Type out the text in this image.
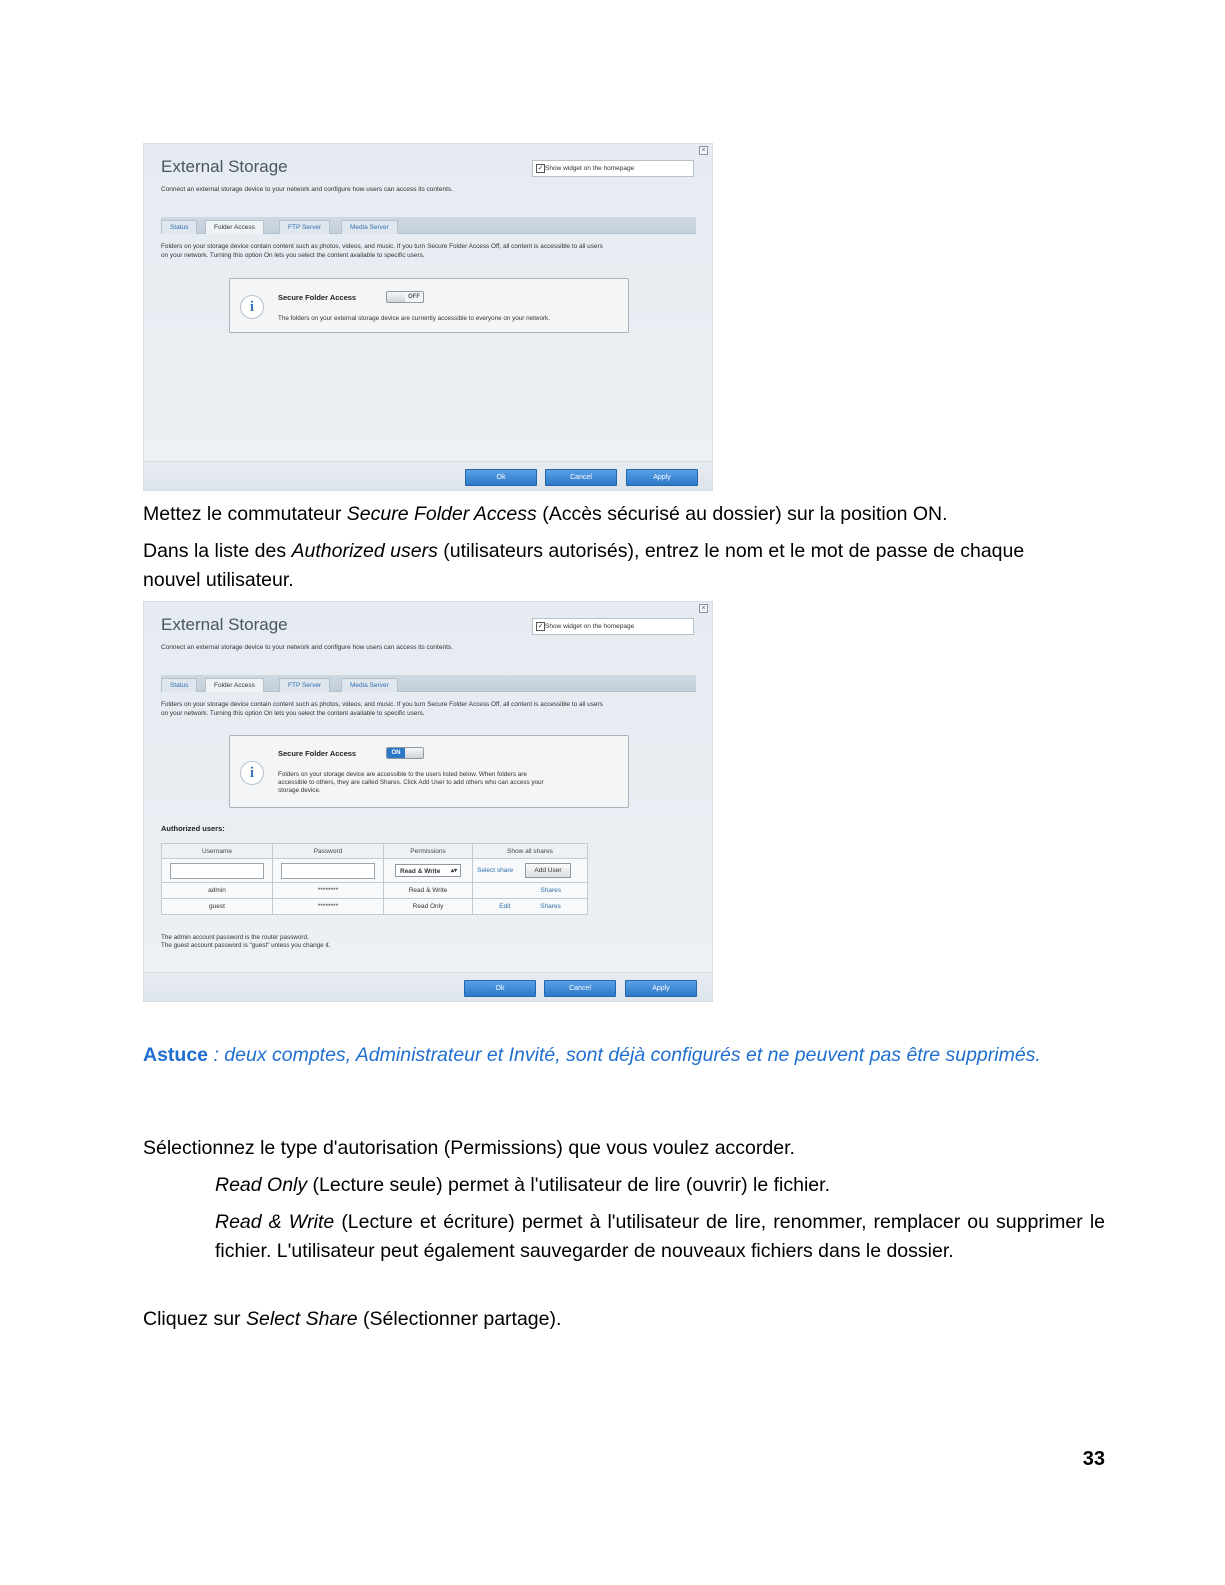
×
External Storage
Connect an external storage device to your network and configure how users can access its contents.
✓ Show widget on the homepage
Status	Folder Access	FTP Server	Media Server
Folders on your storage device contain content such as photos, videos, and music. If you turn Secure Folder Access Off, all content is accessible to all users
on your network. Turning this option On lets you select the content available to specific users.
i
Secure Folder Access	OFF
The folders on your external storage device are currently accessible to everyone on your network.
Ok	Cancel	Apply
Mettez le commutateur Secure Folder Access (Accès sécurisé au dossier) sur la position ON.
Dans la liste des Authorized users (utilisateurs autorisés), entrez le nom et le mot de passe de chaque
nouvel utilisateur.
×
External Storage
Connect an external storage device to your network and configure how users can access its contents.
✓ Show widget on the homepage
Status	Folder Access	FTP Server	Media Server
Folders on your storage device contain content such as photos, videos, and music. If you turn Secure Folder Access Off, all content is accessible to all users
on your network. Turning this option On lets you select the content available to specific users.
i
Secure Folder Access	ON
Folders on your storage device are accessible to the users listed below. When folders are
accessible to others, they are called Shares. Click Add User to add others who can access your
storage device.
Authorized users:
Username	Password	Permissions	Show all shares
		Read & Write ▴▾	Select share Add User
admin	********	Read & Write	Shares
guest	********	Read Only	Edit Shares
The admin account password is the router password.
The guest account password is "guest" unless you change it.
Ok	Cancel	Apply
Astuce : deux comptes, Administrateur et Invité, sont déjà configurés et ne peuvent pas être supprimés.
Sélectionnez le type d'autorisation (Permissions) que vous voulez accorder.
Read Only (Lecture seule) permet à l'utilisateur de lire (ouvrir) le fichier.
Read & Write (Lecture et écriture) permet à l'utilisateur de lire, renommer, remplacer ou supprimer le fichier. L'utilisateur peut également sauvegarder de nouveaux fichiers dans le dossier.
Cliquez sur Select Share (Sélectionner partage).
33
